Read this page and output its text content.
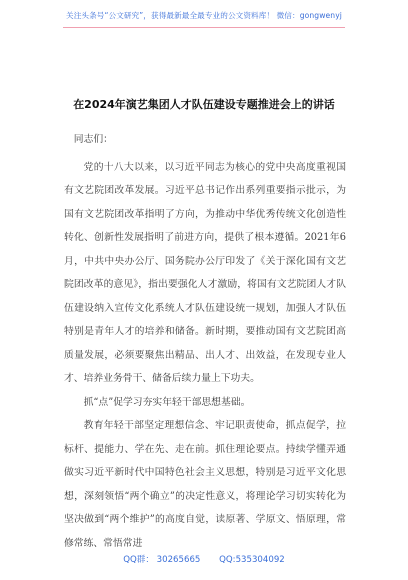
关注头条号“公文研究”，获得最新最全最专业的公文资料库！ 微信：gongwenyj
在2024年演艺集团人才队伍建设专题推进会上的讲话

同志们：

党的十八大以来，以习近平同志为核心的党中央高度重视国有文艺院团改革发展。习近平总书记作出系列重要指示批示，为国有文艺院团改革指明了方向，为推动中华优秀传统文化创造性转化、创新性发展指明了前进方向，提供了根本遵循。2021年6月，中共中央办公厅、国务院办公厅印发了《关于深化国有文艺院团改革的意见》，指出要强化人才激励，将国有文艺院团人才队伍建设纳入宣传文化系统人才队伍建设统一规划，加强人才队伍特别是青年人才的培养和储备。新时期，要推动国有文艺院团高质量发展，必须要聚焦出精品、出人才、出效益，在发现专业人才、培养业务骨干、储备后续力量上下功夫。

抓“点”促学习夯实年轻干部思想基础。

教育年轻干部坚定理想信念、牢记职责使命，抓点促学，拉标杆、提能力、学在先、走在前。抓住理论要点。持续学懂弄通做实习近平新时代中国特色社会主义思想，特别是习近平文化思想，深刻领悟“两个确立”的决定性意义，将理论学习切实转化为坚决做到“两个维护”的高度自觉，读原著、学原文、悟原理，常修常练、常悟常进

QQ群： 30265665 QQ:535304092
